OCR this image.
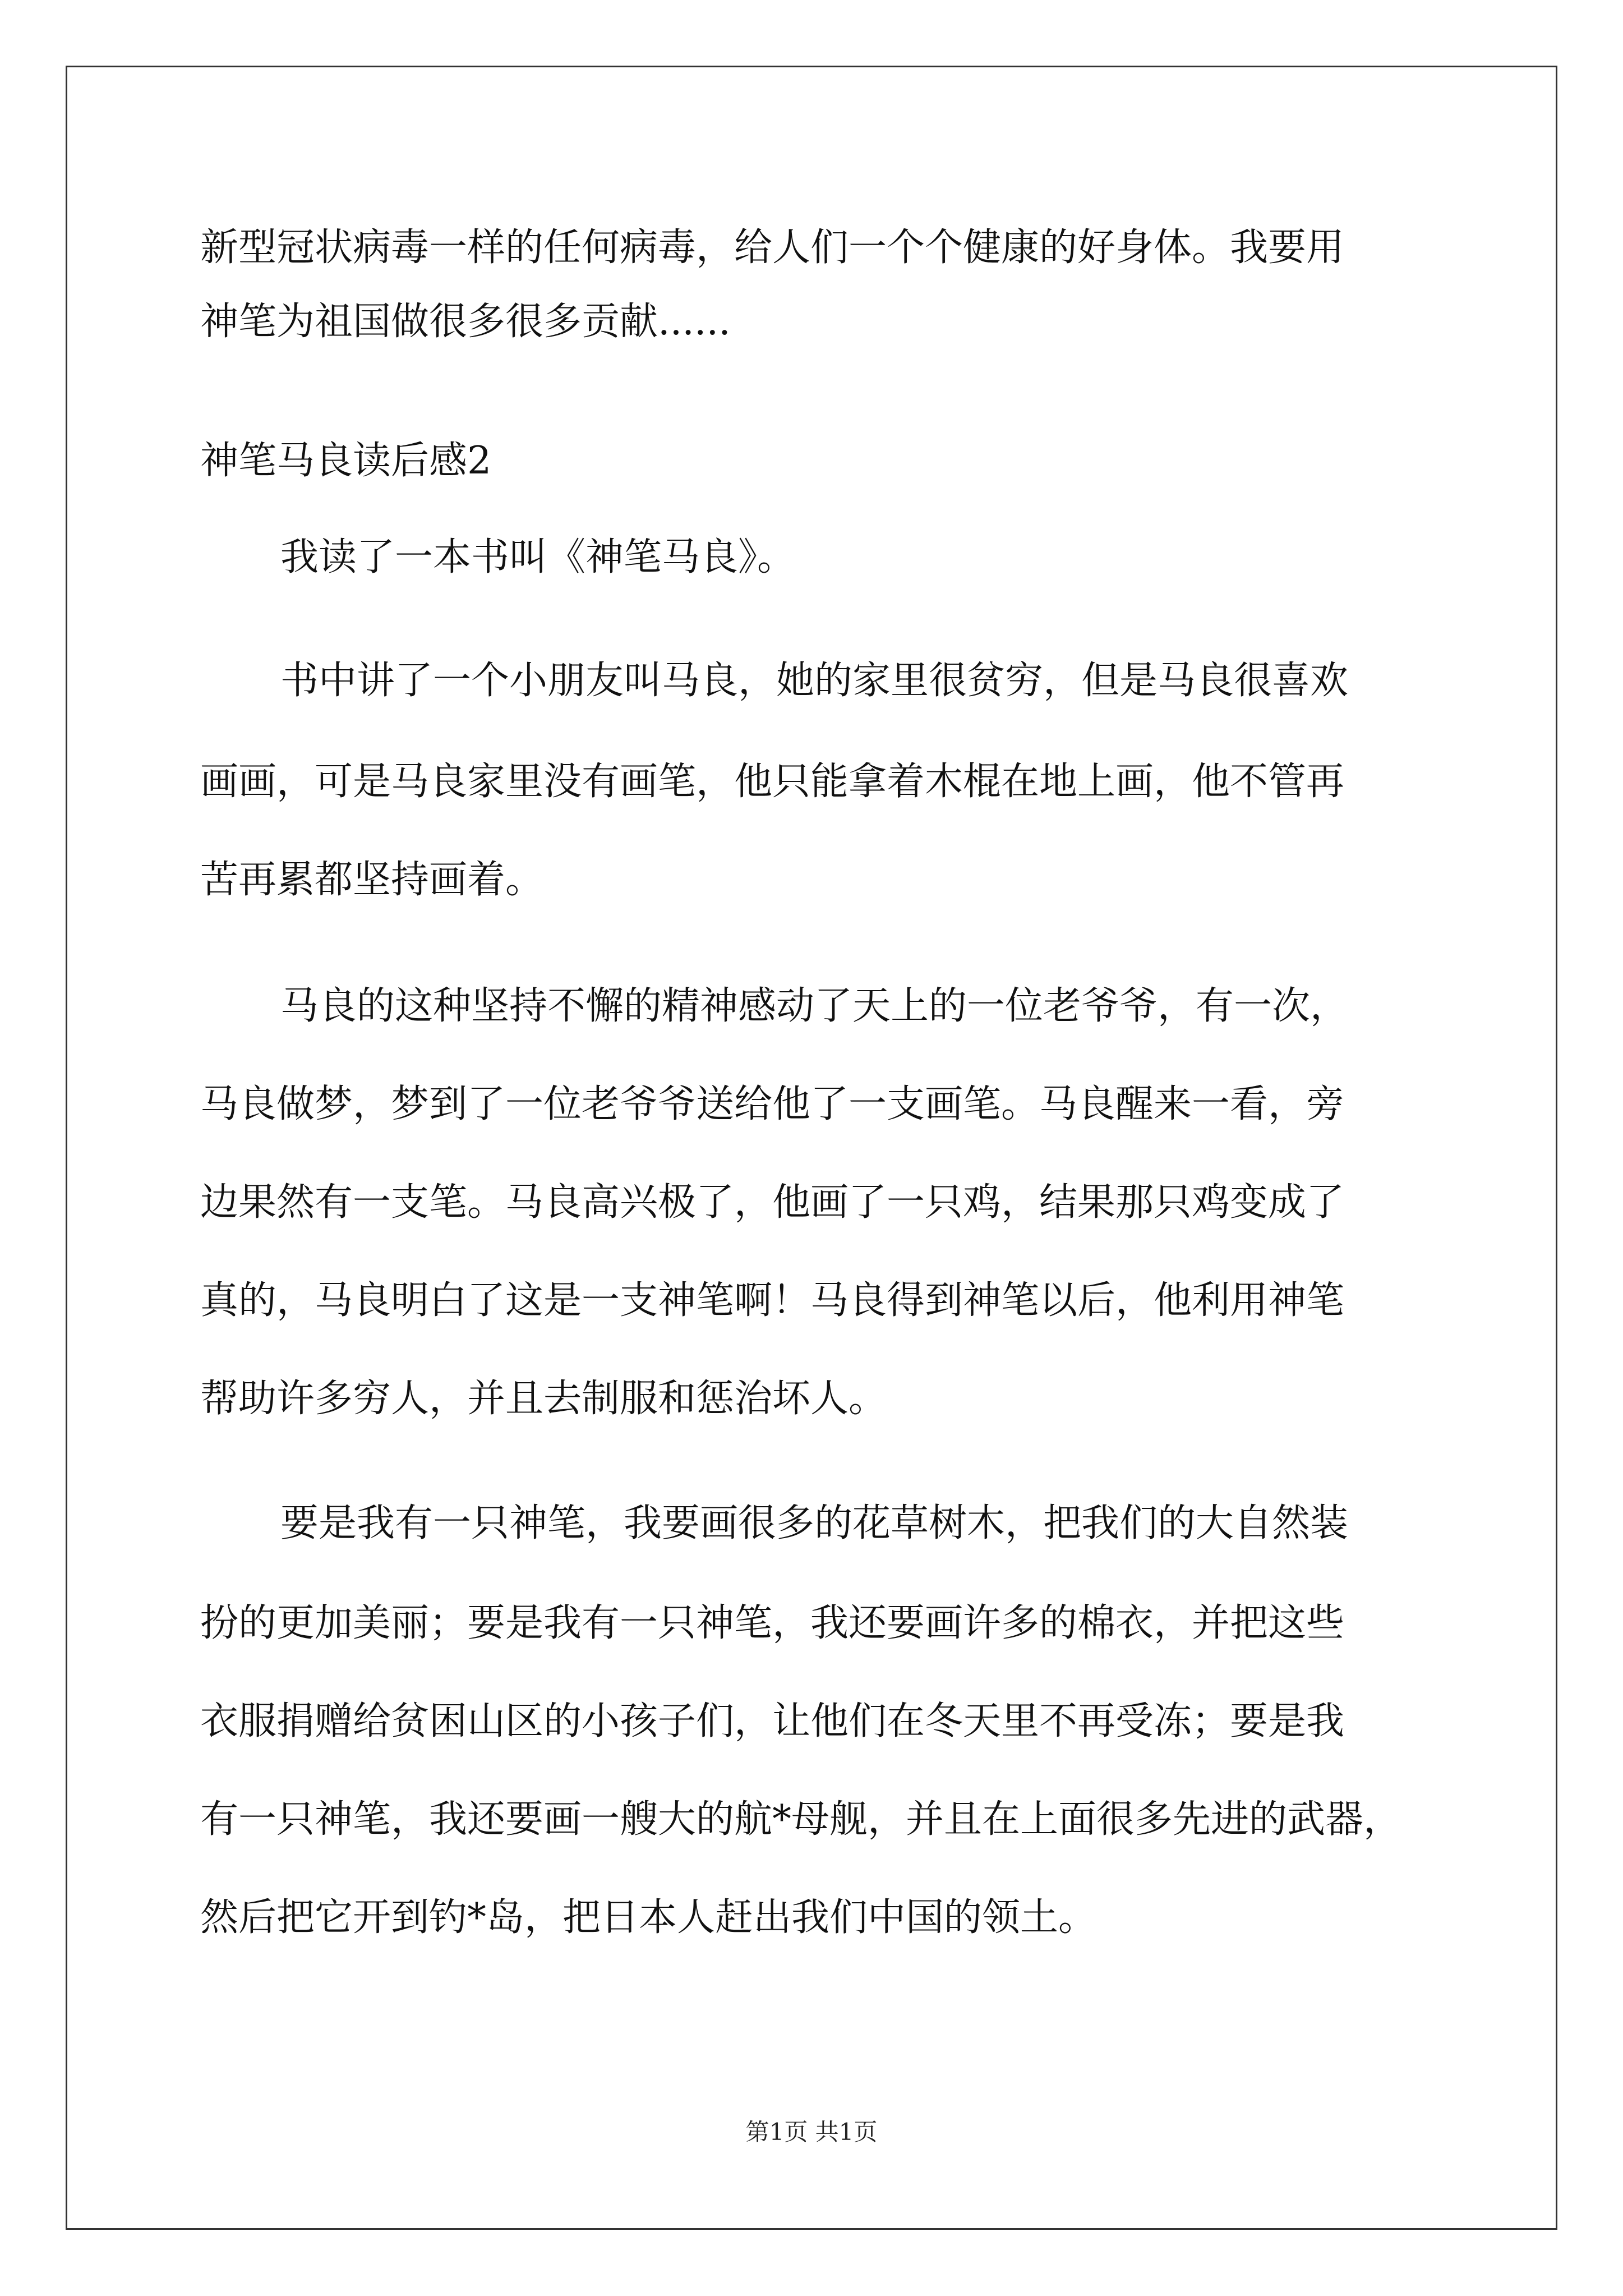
新型冠状病毒一样的任何病毒，给人们一个个健康的好身体。我要用
神笔为祖国做很多很多贡献......
神笔马良读后感2
我读了一本书叫《神笔马良》。
书中讲了一个小朋友叫马良，她的家里很贫穷，但是马良很喜欢
画画，可是马良家里没有画笔，他只能拿着木棍在地上画，他不管再
苦再累都坚持画着。
马良的这种坚持不懈的精神感动了天上的一位老爷爷，有一次，
马良做梦，梦到了一位老爷爷送给他了一支画笔。马良醒来一看，旁
边果然有一支笔。马良高兴极了，他画了一只鸡，结果那只鸡变成了
真的，马良明白了这是一支神笔啊！马良得到神笔以后，他利用神笔
帮助许多穷人，并且去制服和惩治坏人。
要是我有一只神笔，我要画很多的花草树木，把我们的大自然装
扮的更加美丽；要是我有一只神笔，我还要画许多的棉衣，并把这些
衣服捐赠给贫困山区的小孩子们，让他们在冬天里不再受冻；要是我
有一只神笔，我还要画一艘大的航*母舰，并且在上面很多先进的武器，
然后把它开到钓*岛，把日本人赶出我们中国的领土。
第1页 共1页
